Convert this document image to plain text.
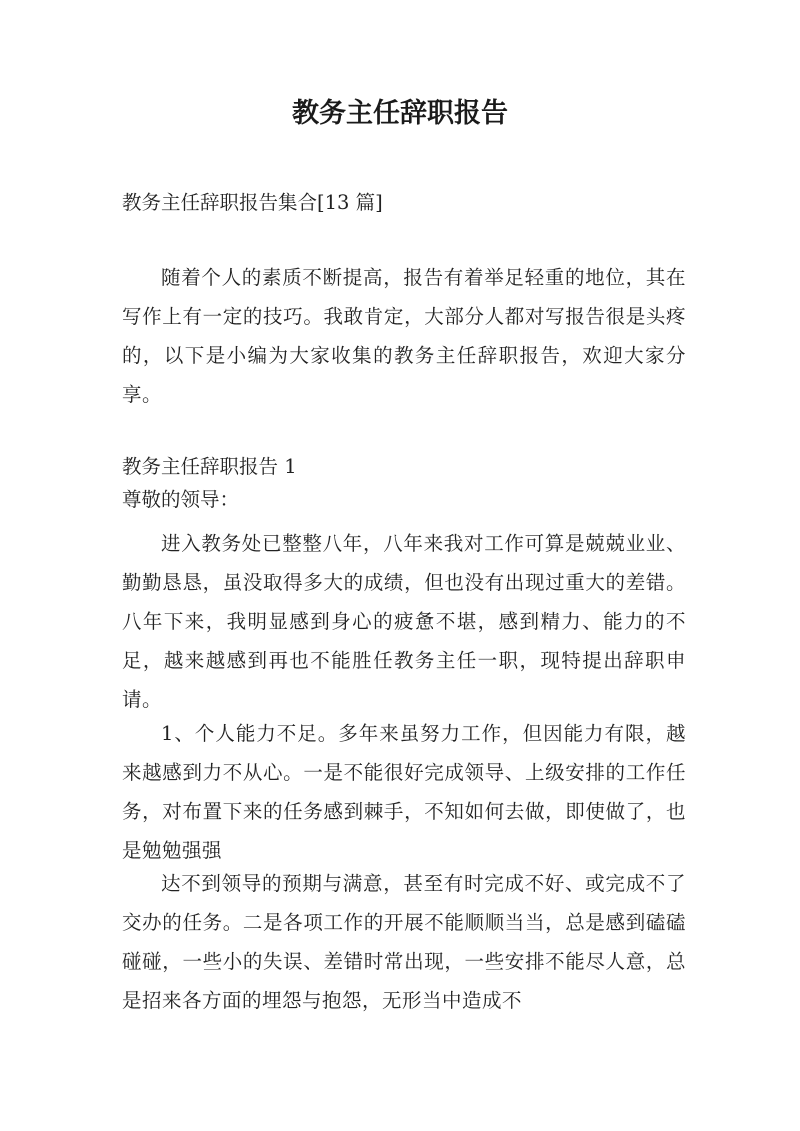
教务主任辞职报告

教务主任辞职报告集合[13 篇]

随着个人的素质不断提高，报告有着举足轻重的地位，其在写作上有一定的技巧。我敢肯定，大部分人都对写报告很是头疼的，以下是小编为大家收集的教务主任辞职报告，欢迎大家分享。

教务主任辞职报告 1

尊敬的领导：

进入教务处已整整八年，八年来我对工作可算是兢兢业业、勤勤恳恳，虽没取得多大的成绩，但也没有出现过重大的差错。八年下来，我明显感到身心的疲惫不堪，感到精力、能力的不足，越来越感到再也不能胜任教务主任一职，现特提出辞职申请。

1、个人能力不足。多年来虽努力工作，但因能力有限，越来越感到力不从心。一是不能很好完成领导、上级安排的工作任务，对布置下来的任务感到棘手，不知如何去做，即使做了，也是勉勉强强

达不到领导的预期与满意，甚至有时完成不好、或完成不了交办的任务。二是各项工作的开展不能顺顺当当，总是感到磕磕碰碰，一些小的失误、差错时常出现，一些安排不能尽人意，总是招来各方面的埋怨与抱怨，无形当中造成不
